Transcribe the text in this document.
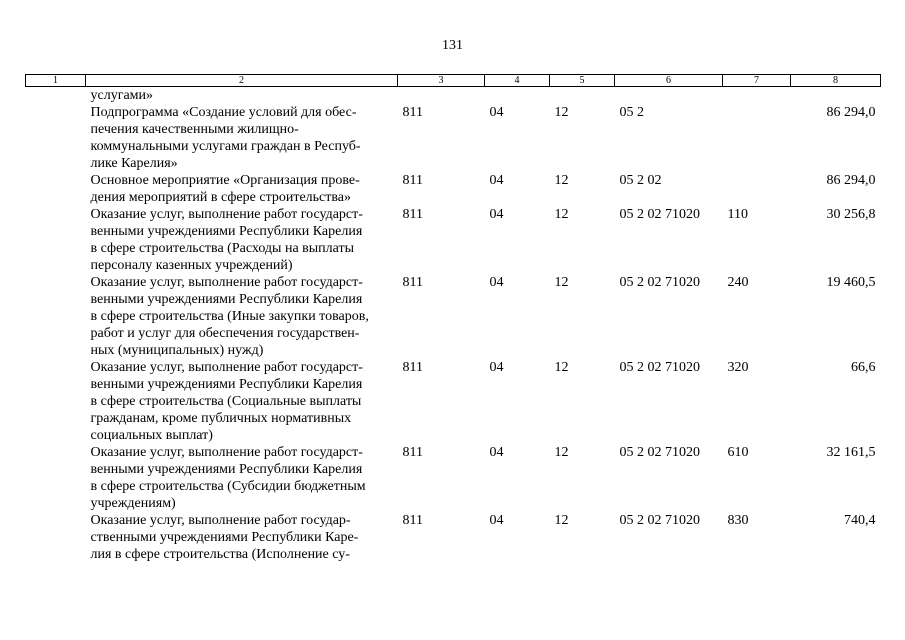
131
1	2	3	4	5	6	7	8
	услугами»						
	Подпрограмма «Создание условий для обес-
печения качественными жилищно-
коммунальными услугами граждан в Респуб-
лике Карелия»	811	04	12	05 2		86 294,0
	Основное мероприятие «Организация прове-
дения мероприятий в сфере строительства»	811	04	12	05 2 02		86 294,0
	Оказание услуг, выполнение работ государст-
венными учреждениями Республики Карелия
в сфере строительства (Расходы на выплаты
персоналу казенных учреждений)	811	04	12	05 2 02 71020	110	30 256,8
	Оказание услуг, выполнение работ государст-
венными учреждениями Республики Карелия
в сфере строительства (Иные закупки товаров,
работ и услуг для обеспечения государствен-
ных (муниципальных) нужд)	811	04	12	05 2 02 71020	240	19 460,5
	Оказание услуг, выполнение работ государст-
венными учреждениями Республики Карелия
в сфере строительства (Социальные выплаты
гражданам, кроме публичных нормативных
социальных выплат)	811	04	12	05 2 02 71020	320	66,6
	Оказание услуг, выполнение работ государст-
венными учреждениями Республики Карелия
в сфере строительства (Субсидии бюджетным
учреждениям)	811	04	12	05 2 02 71020	610	32 161,5
	Оказание услуг, выполнение работ государ-
ственными учреждениями Республики Каре-
лия в сфере строительства (Исполнение су-	811	04	12	05 2 02 71020	830	740,4
